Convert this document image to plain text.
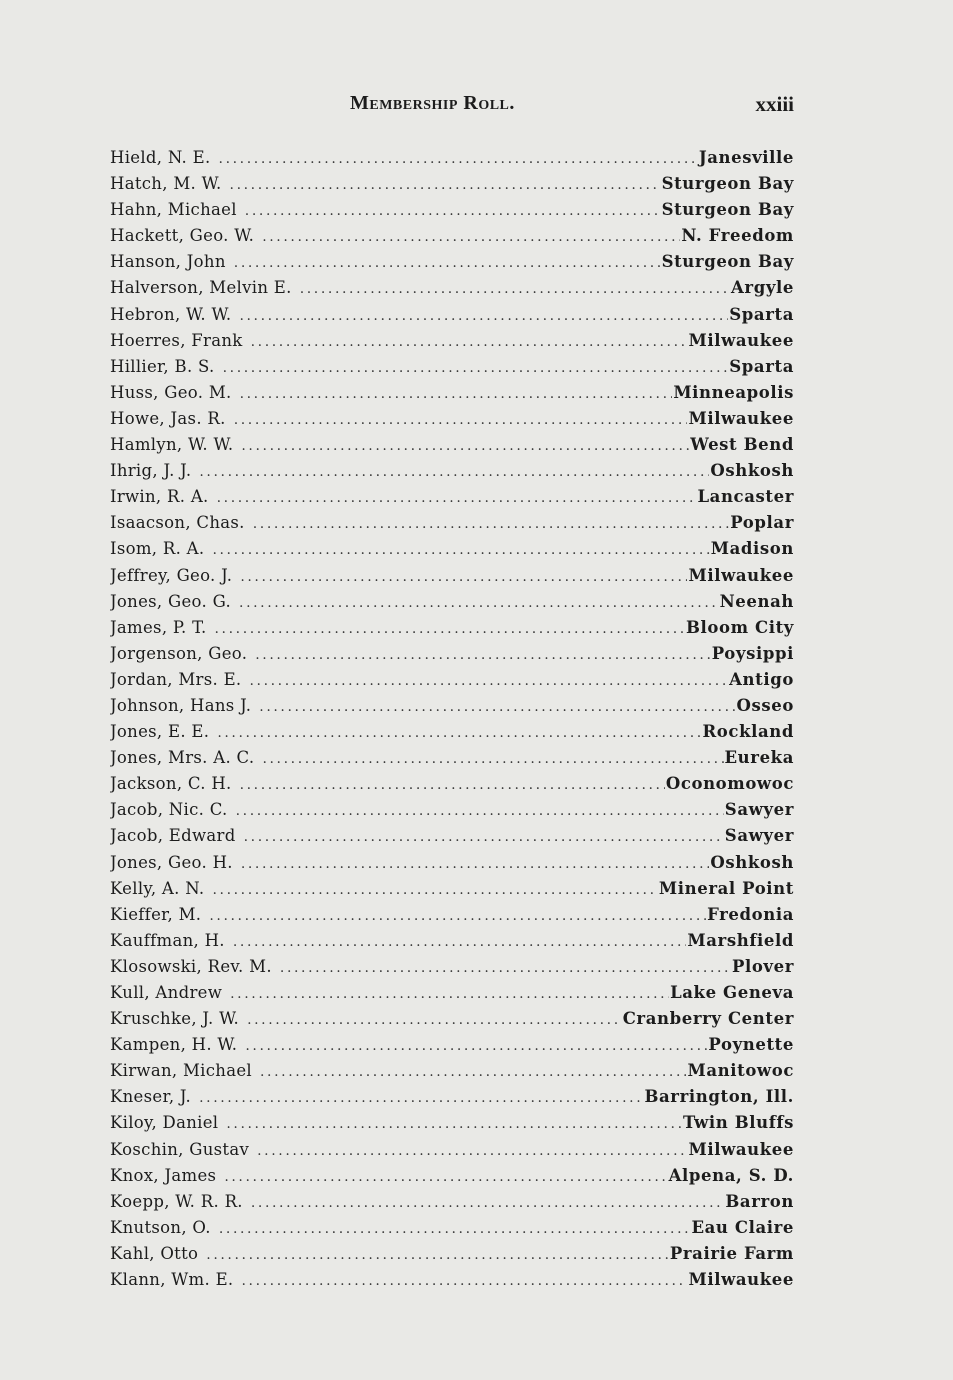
Membership Roll.	xxiii
Hield, N. E. .....	Janesville
Hatch, M. W. .....	Sturgeon Bay
Hahn, Michael .....	Sturgeon Bay
Hackett, Geo. W. .....	N. Freedom
Hanson, John .....	Sturgeon Bay
Halverson, Melvin E. .....	Argyle
Hebron, W. W. .....	Sparta
Hoerres, Frank .....	Milwaukee
Hillier, B. S. .....	Sparta
Huss, Geo. M. .....	Minneapolis
Howe, Jas. R. .....	Milwaukee
Hamlyn, W. W. .....	West Bend
Ihrig, J. J. .....	Oshkosh
Irwin, R. A. .....	Lancaster
Isaacson, Chas. .....	Poplar
Isom, R. A. .....	Madison
Jeffrey, Geo. J. .....	Milwaukee
Jones, Geo. G. .....	Neenah
James, P. T. .....	Bloom City
Jorgenson, Geo. .....	Poysippi
Jordan, Mrs. E. .....	Antigo
Johnson, Hans J. .....	Osseo
Jones, E. E. .....	Rockland
Jones, Mrs. A. C. .....	Eureka
Jackson, C. H. .....	Oconomowoc
Jacob, Nic. C. .....	Sawyer
Jacob, Edward .....	Sawyer
Jones, Geo. H. .....	Oshkosh
Kelly, A. N. .....	Mineral Point
Kieffer, M. .....	Fredonia
Kauffman, H. .....	Marshfield
Klosowski, Rev. M. .....	Plover
Kull, Andrew .....	Lake Geneva
Kruschke, J. W. .....	Cranberry Center
Kampen, H. W. .....	Poynette
Kirwan, Michael .....	Manitowoc
Kneser, J. .....	Barrington, Ill.
Kiloy, Daniel .....	Twin Bluffs
Koschin, Gustav .....	Milwaukee
Knox, James .....	Alpena, S. D.
Koepp, W. R. R. .....	Barron
Knutson, O. .....	Eau Claire
Kahl, Otto .....	Prairie Farm
Klann, Wm. E. .....	Milwaukee
